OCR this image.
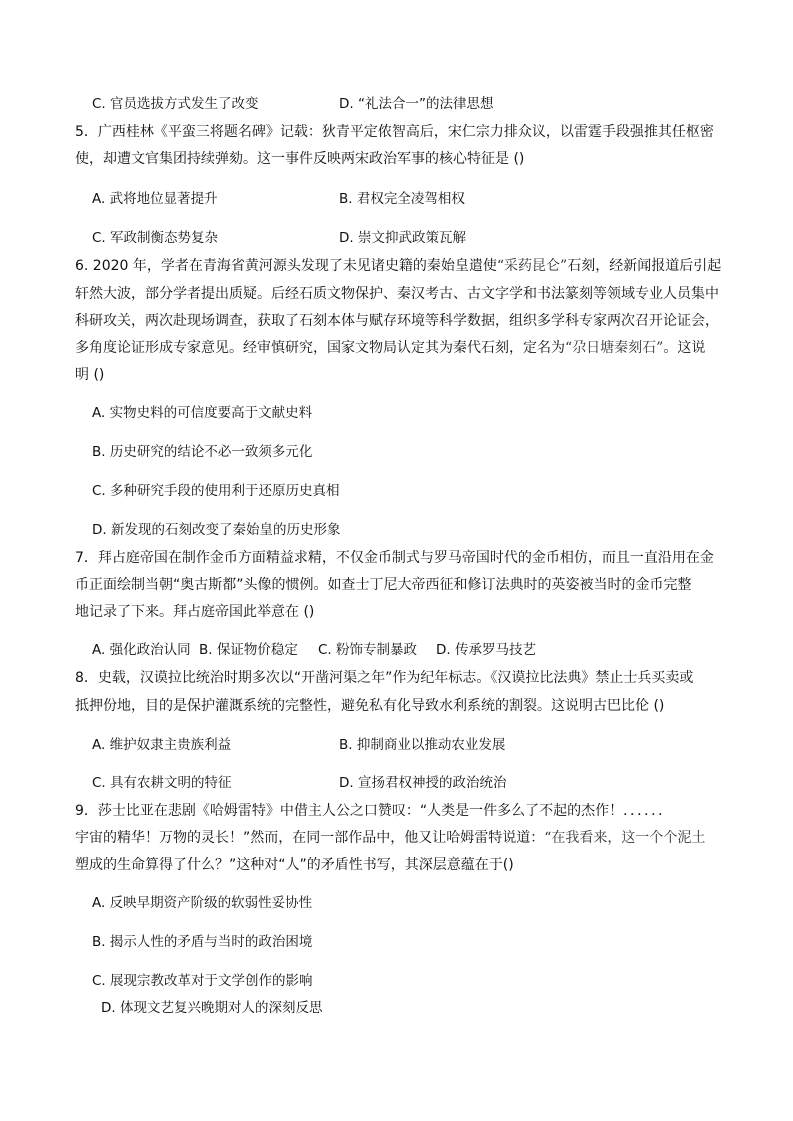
C. 官员选拔方式发生了改变	D. “礼法合一”的法律思想
5．广西桂林《平蛮三将题名碑》记载：狄青平定侬智高后，宋仁宗力排众议，以雷霆手段强推其任枢密
使，却遭文官集团持续弹劾。这一事件反映两宋政治军事的核心特征是 ()
A. 武将地位显著提升	B. 君权完全凌驾相权
C. 军政制衡态势复杂	D. 崇文抑武政策瓦解
6. 2020 年，学者在青海省黄河源头发现了未见诸史籍的秦始皇遣使“采药昆仑”石刻，经新闻报道后引起
轩然大波，部分学者提出质疑。后经石质文物保护、秦汉考古、古文字学和书法篆刻等领域专业人员集中
科研攻关，两次赴现场调查，获取了石刻本体与赋存环境等科学数据，组织多学科专家两次召开论证会，
多角度论证形成专家意见。经审慎研究，国家文物局认定其为秦代石刻，定名为“尕日塘秦刻石”。这说
明 ()
A. 实物史料的可信度要高于文献史料
B. 历史研究的结论不必一致须多元化
C. 多种研究手段的使用利于还原历史真相
D. 新发现的石刻改变了秦始皇的历史形象
7．拜占庭帝国在制作金币方面精益求精，不仅金币制式与罗马帝国时代的金币相仿，而且一直沿用在金
币正面绘制当朝“奥古斯都”头像的惯例。如查士丁尼大帝西征和修订法典时的英姿被当时的金币完整
地记录了下来。拜占庭帝国此举意在 ()
A. 强化政治认同 B. 保证物价稳定 C. 粉饰专制暴政 D. 传承罗马技艺
8．史载，汉谟拉比统治时期多次以“开凿河渠之年”作为纪年标志。《汉谟拉比法典》禁止士兵买卖或
抵押份地，目的是保护灌溉系统的完整性，避免私有化导致水利系统的割裂。这说明古巴比伦 ()
A. 维护奴隶主贵族利益	B. 抑制商业以推动农业发展
C. 具有农耕文明的特征	D. 宣扬君权神授的政治统治
9．莎士比亚在悲剧《哈姆雷特》中借主人公之口赞叹：“人类是一件多么了不起的杰作！．．．．．．
宇宙的精华！万物的灵长！”然而，在同一部作品中，他又让哈姆雷特说道：“在我看来，这一个个泥土
塑成的生命算得了什么？”这种对“人”的矛盾性书写，其深层意蕴在于()
A. 反映早期资产阶级的软弱性妥协性
B. 揭示人性的矛盾与当时的政治困境
C. 展现宗教改革对于文学创作的影响
D. 体现文艺复兴晚期对人的深刻反思
